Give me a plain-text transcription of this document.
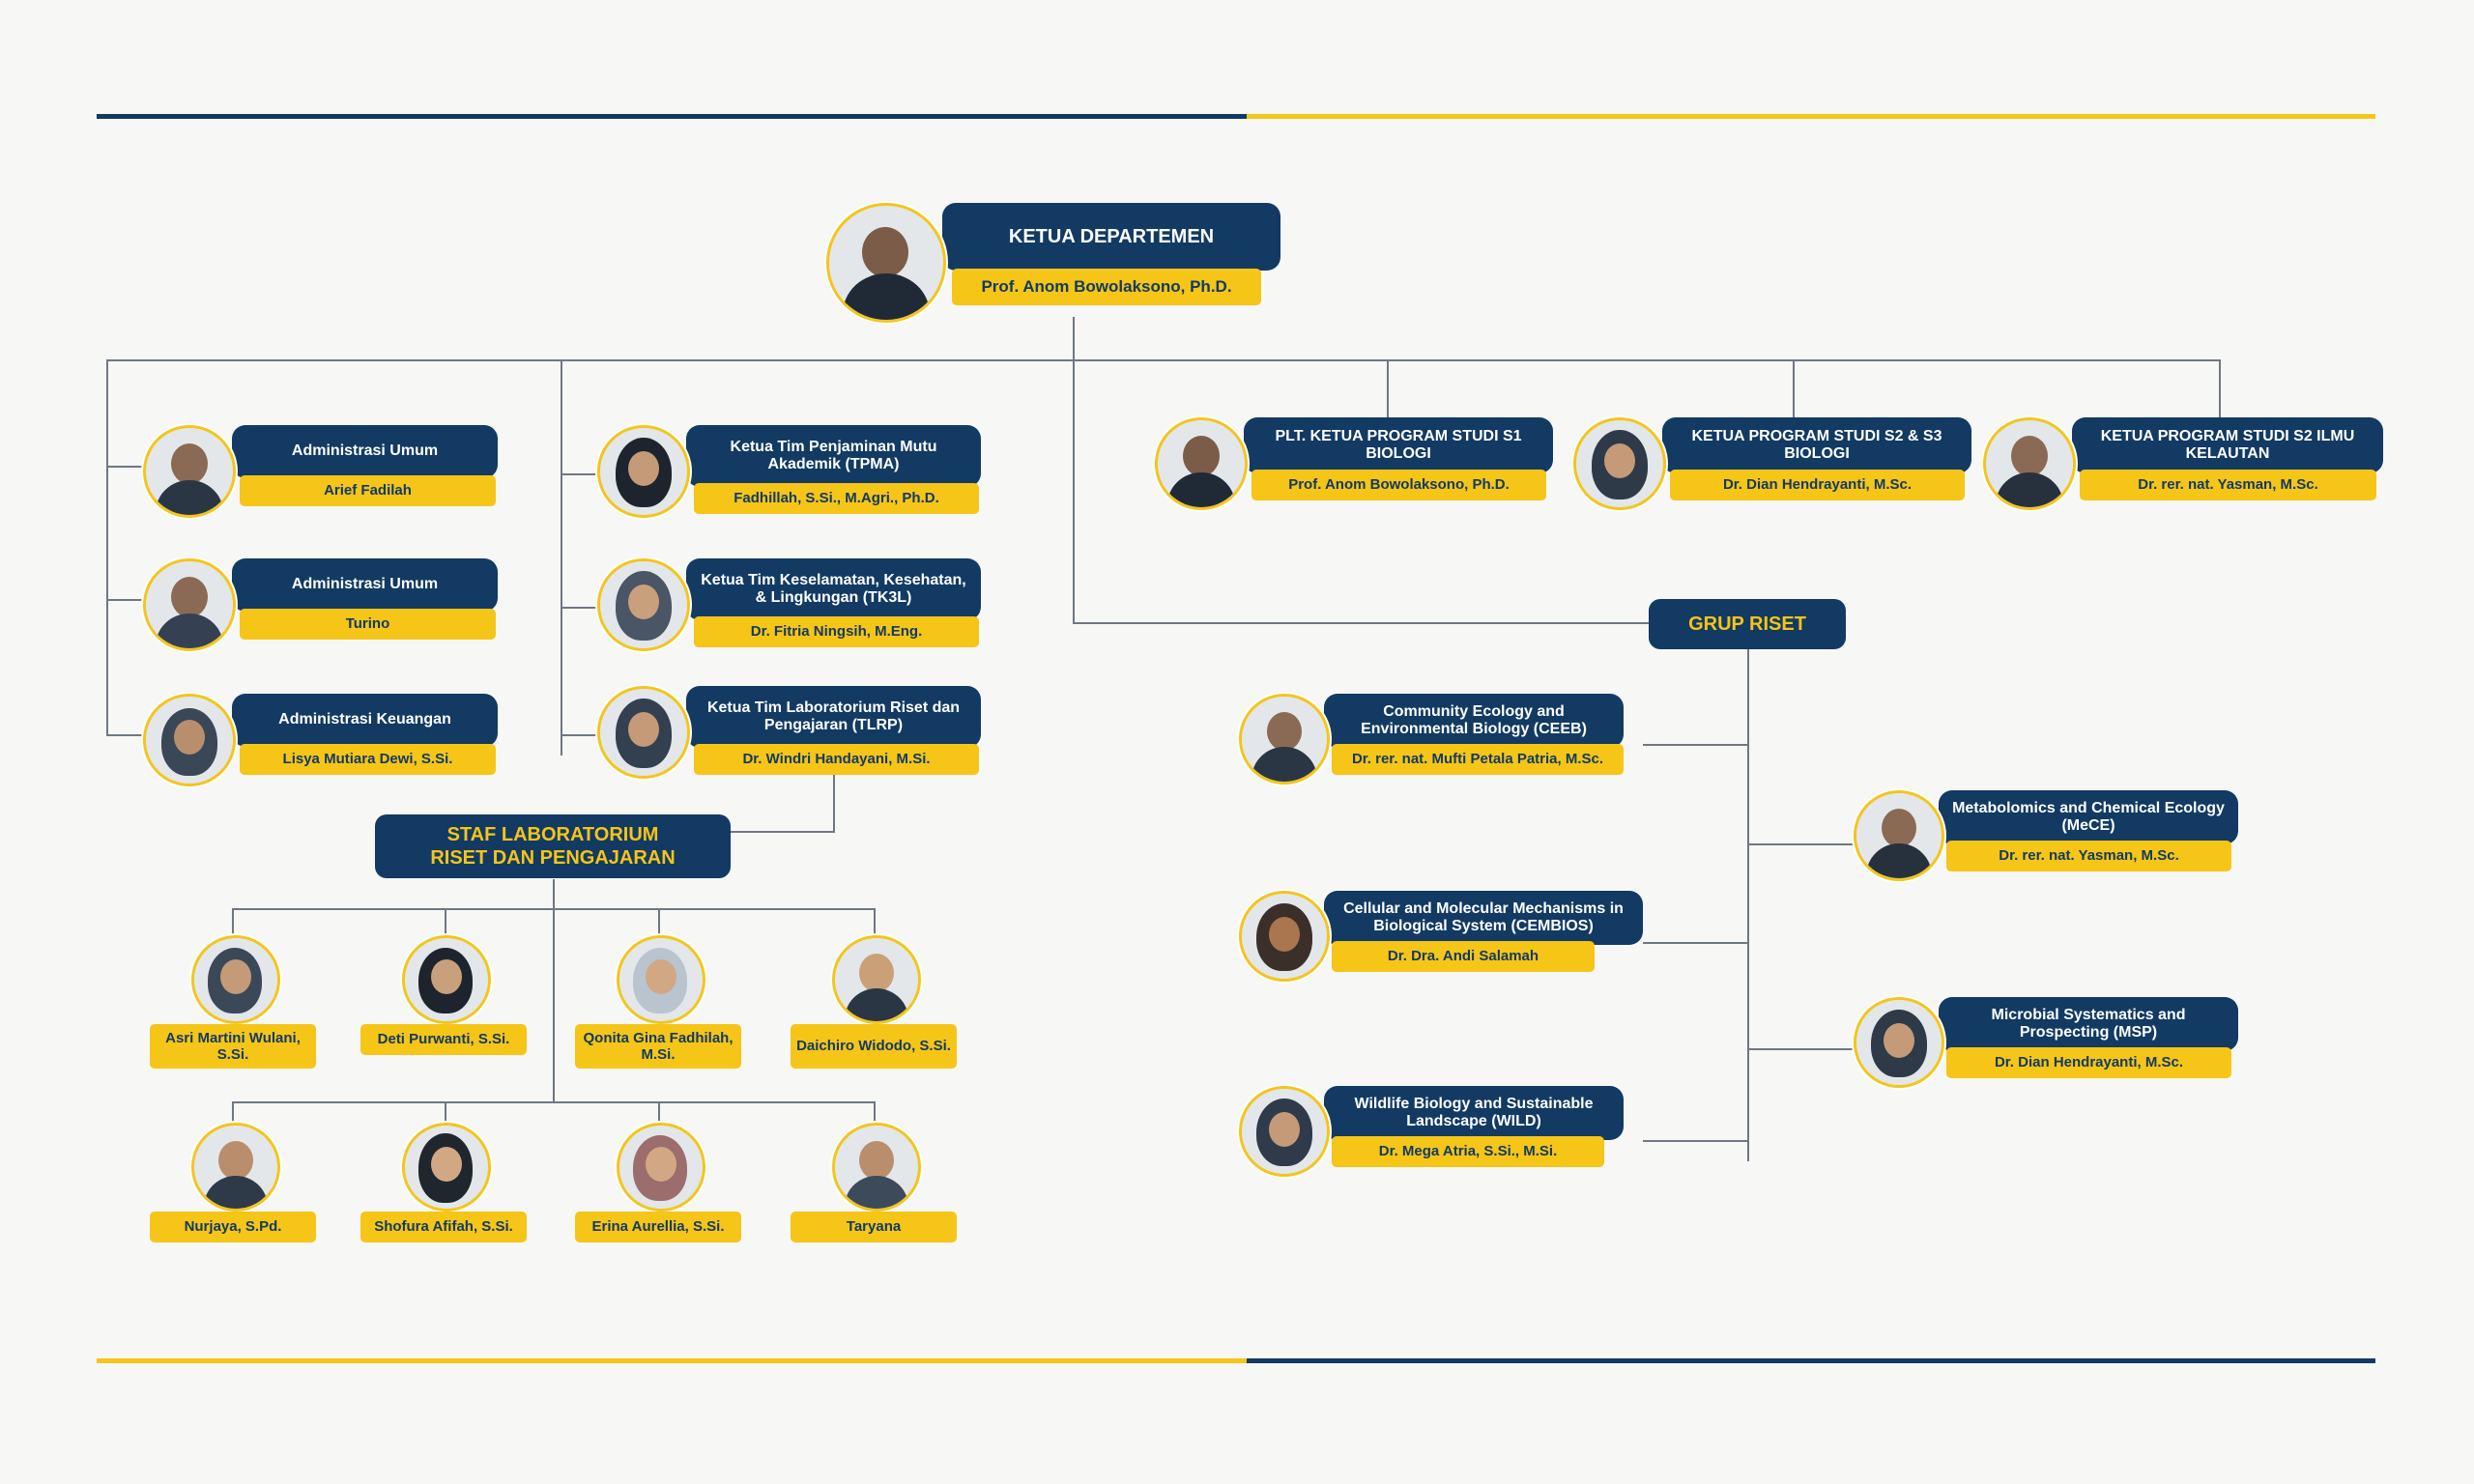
KETUA DEPARTEMEN
Prof. Anom Bowolaksono, Ph.D.
Administrasi Umum
Arief Fadilah
Administrasi Umum
Turino
Administrasi Keuangan
Lisya Mutiara Dewi, S.Si.
Ketua Tim Penjaminan Mutu Akademik (TPMA)
Fadhillah, S.Si., M.Agri., Ph.D.
Ketua Tim Keselamatan, Kesehatan, & Lingkungan (TK3L)
Dr. Fitria Ningsih, M.Eng.
Ketua Tim Laboratorium Riset dan Pengajaran (TLRP)
Dr. Windri Handayani, M.Si.
PLT. KETUA PROGRAM STUDI S1 BIOLOGI
Prof. Anom Bowolaksono, Ph.D.
KETUA PROGRAM STUDI S2 & S3 BIOLOGI
Dr. Dian Hendrayanti, M.Sc.
KETUA PROGRAM STUDI S2 ILMU KELAUTAN
Dr. rer. nat. Yasman, M.Sc.
STAF LABORATORIUM
RISET DAN PENGAJARAN
Asri Martini Wulani, S.Si.
Deti Purwanti, S.Si.	Qonita Gina Fadhilah, M.Si.
Daichiro Widodo, S.Si.
Nurjaya, S.Pd.	Shofura Afifah, S.Si.	Erina Aurellia, S.Si.	Taryana
GRUP RISET
Community Ecology and Environmental Biology (CEEB)
Dr. rer. nat. Mufti Petala Patria, M.Sc.
Cellular and Molecular Mechanisms in Biological System (CEMBIOS)
Dr. Dra. Andi Salamah
Wildlife Biology and Sustainable Landscape (WILD)
Dr. Mega Atria, S.Si., M.Si.
Metabolomics and Chemical Ecology (MeCE)
Dr. rer. nat. Yasman, M.Sc.
Microbial Systematics and Prospecting (MSP)
Dr. Dian Hendrayanti, M.Sc.
